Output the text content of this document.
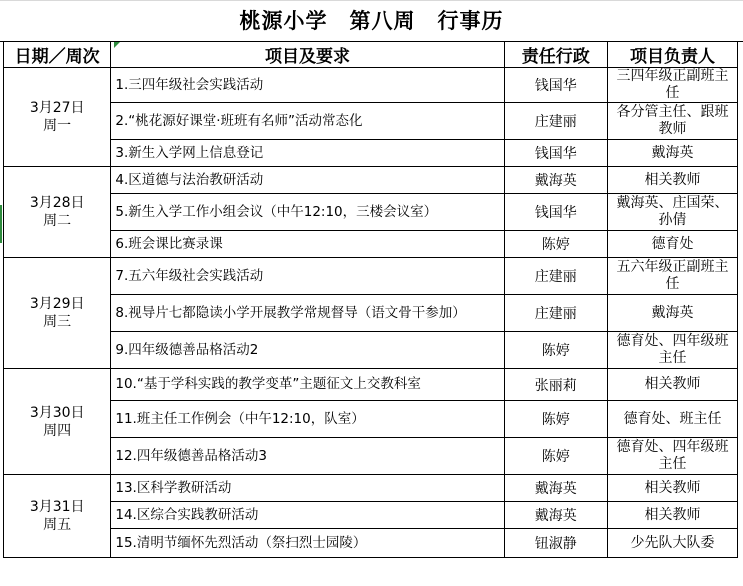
桃源小学　第八周　行事历
日期／周次	项目及要求	责任行政	项目负责人

3月27日
周一	1.三四年级社会实践活动	钱国华	三四年级正副班主任
	2.“桃花源好课堂·班班有名师”活动常态化	庄建丽	各分管主任、跟班教师
	3.新生入学网上信息登记	钱国华	戴海英

3月28日
周二	4.区道德与法治教研活动	戴海英	相关教师
	5.新生入学工作小组会议（中午12:10，三楼会议室）	钱国华	戴海英、庄国荣、孙倩
	6.班会课比赛录课	陈婷	德育处

3月29日
周三	7.五六年级社会实践活动	庄建丽	五六年级正副班主任
	8.视导片七都隐读小学开展教学常规督导（语文骨干参加）	庄建丽	戴海英
	9.四年级德善品格活动2	陈婷	德育处、四年级班主任

3月30日
周四	10.“基于学科实践的教学变革”主题征文上交教科室	张丽莉	相关教师
	11.班主任工作例会（中午12:10，队室）	陈婷	德育处、班主任
	12.四年级德善品格活动3	陈婷	德育处、四年级班主任

3月31日
周五	13.区科学教研活动	戴海英	相关教师
	14.区综合实践教研活动	戴海英	相关教师
	15.清明节缅怀先烈活动（祭扫烈士园陵）	钮淑静	少先队大队委
